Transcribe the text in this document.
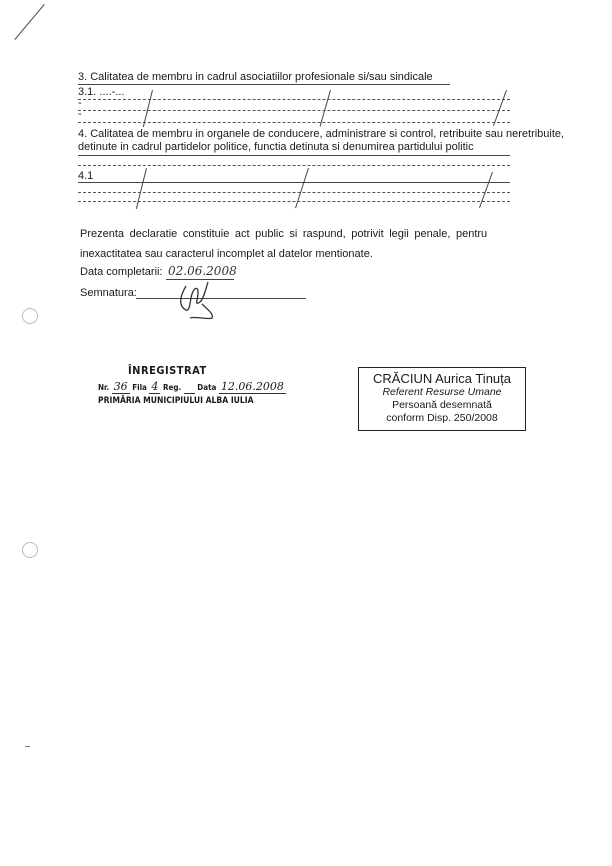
3. Calitatea de membru in cadrul asociatiilor profesionale si/sau sindicale
3.1. ....-...
-
-
4. Calitatea de membru in organele de conducere, administrare si control, retribuite sau neretribuite,
detinute in cadrul partidelor politice, functia detinuta si denumirea partidului politic
4.1
Prezenta declaratie constituie act public si raspund, potrivit legii penale, pentru
inexactitatea sau caracterul incomplet al datelor mentionate.
Data completarii: 02.06.2008
Semnatura:
ÎNREGISTRAT
Nr. 36 Fila 4 Reg. Data 12.06.2008
PRIMĂRIA MUNICIPIULUI ALBA IULIA
CRĂCIUN Aurica Tinuța
Referent Resurse Umane
Persoană desemnată
conform Disp. 250/2008
